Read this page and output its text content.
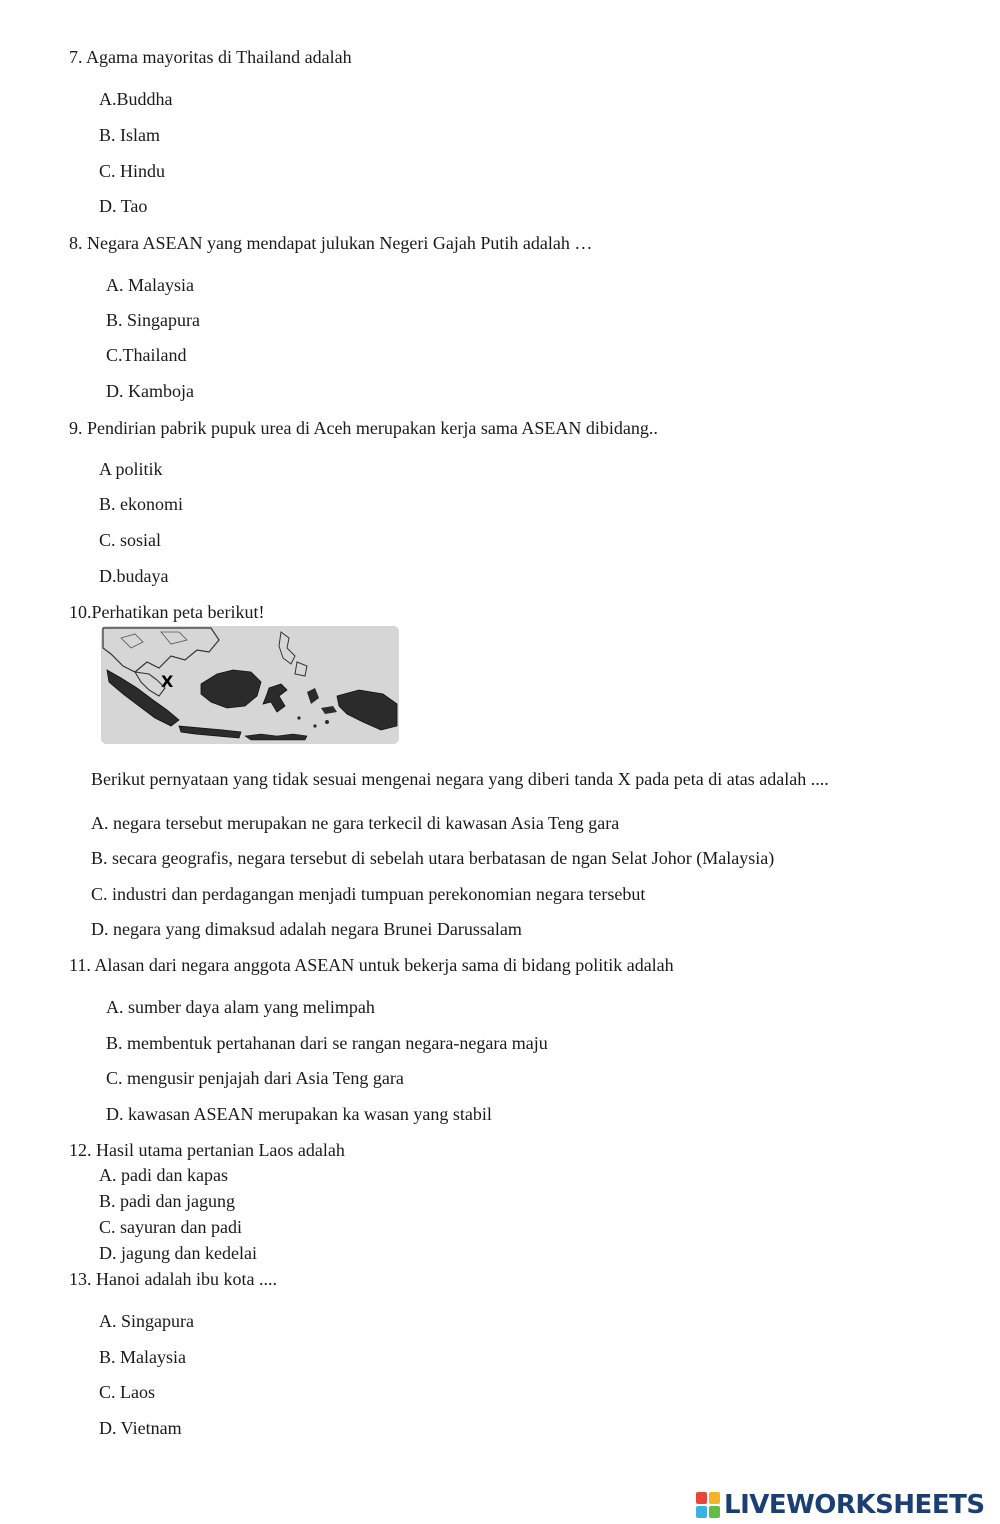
7. Agama mayoritas di Thailand adalah
A.Buddha
B. Islam
C. Hindu
D. Tao
8. Negara ASEAN yang mendapat julukan Negeri Gajah Putih adalah …
A. Malaysia
B. Singapura
C.Thailand
D. Kamboja
9. Pendirian pabrik pupuk urea di Aceh merupakan kerja sama ASEAN dibidang..
A politik
B. ekonomi
C. sosial
D.budaya
10.Perhatikan peta berikut!
X
Berikut pernyataan yang tidak sesuai mengenai negara yang diberi tanda X pada peta di atas adalah ....
A. negara tersebut merupakan ne gara terkecil di kawasan Asia Teng gara
B. secara geografis, negara tersebut di sebelah utara berbatasan de ngan Selat Johor (Malaysia)
C. industri dan perdagangan menjadi tumpuan perekonomian negara tersebut
D. negara yang dimaksud adalah negara Brunei Darussalam
11. Alasan dari negara anggota ASEAN untuk bekerja sama di bidang politik adalah
A. sumber daya alam yang melimpah
B. membentuk pertahanan dari se rangan negara-negara maju
C. mengusir penjajah dari Asia Teng gara
D. kawasan ASEAN merupakan ka wasan yang stabil
12. Hasil utama pertanian Laos adalah
A. padi dan kapas
B. padi dan jagung
C. sayuran dan padi
D. jagung dan kedelai
13. Hanoi adalah ibu kota ....
A. Singapura
B. Malaysia
C. Laos
D. Vietnam
LIVEWORKSHEETS
